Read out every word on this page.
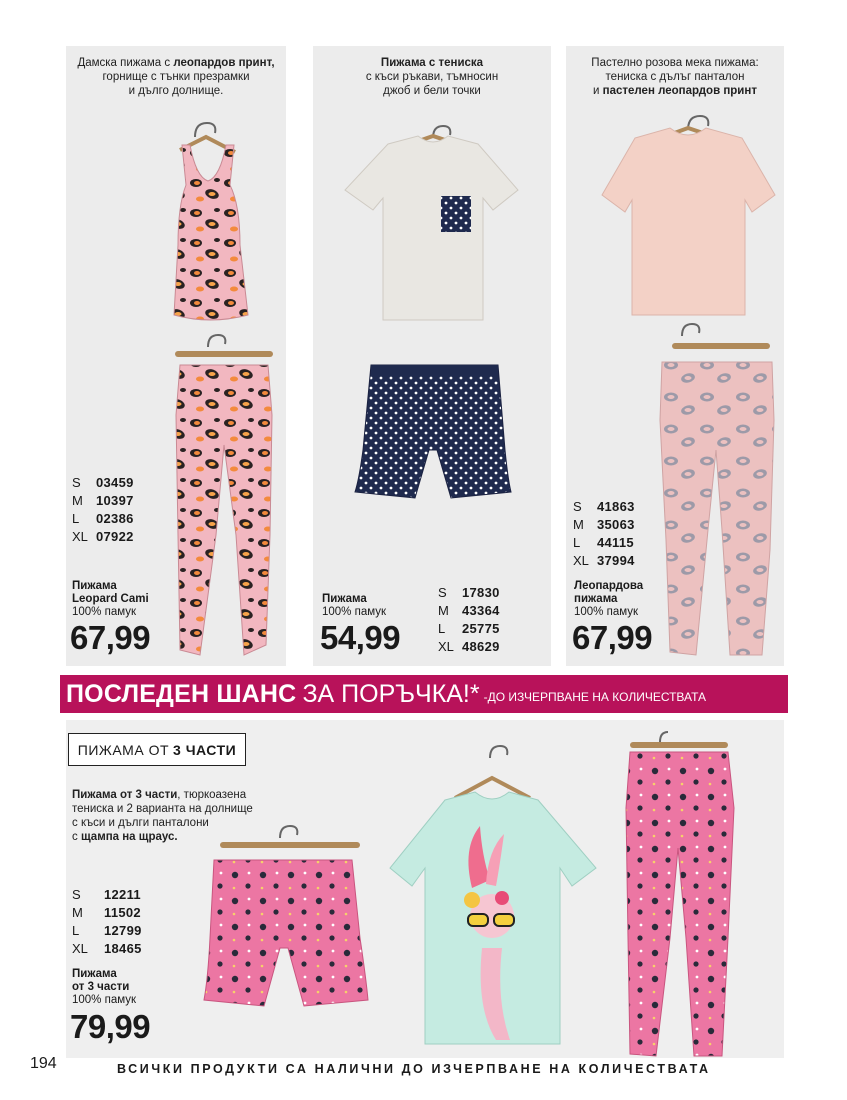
Дамска пижама с леопардов принт,
горнище с тънки презрамки
и дълго долнище.
S	03459
M	10397
L	02386
XL 07922
Пижама
Leopard Cami
100% памук
67,99
Пижама с тениска
с къси ръкави, тъмносин
джоб и бели точки
Пижама
100% памук
54,99
S	17830
M	43364
L	25775
XL 48629
Пастелно розова мека пижама:
тениска с дълъг панталон
и пастелен леопардов принт
S	41863
M	35063
L	44115
XL 37994
Леопардова
пижама
100% памук
67,99
ПОСЛЕДЕН ШАНС ЗА ПОРЪЧКА!* -ДО ИЗЧЕРПВАНЕ НА КОЛИЧЕСТВАТА
ПИЖАМА ОТ 3 ЧАСТИ
Пижама от 3 части, тюркоазена
тениска и 2 варианта на долнище
с къси и дълги панталони
с щампа на щраус.
S	12211
M	11502
L	12799
XL	18465
Пижама
от 3 части
100% памук
79,99
194	ВСИЧКИ ПРОДУКТИ СА НАЛИЧНИ ДО ИЗЧЕРПВАНЕ НА КОЛИЧЕСТВАТА
